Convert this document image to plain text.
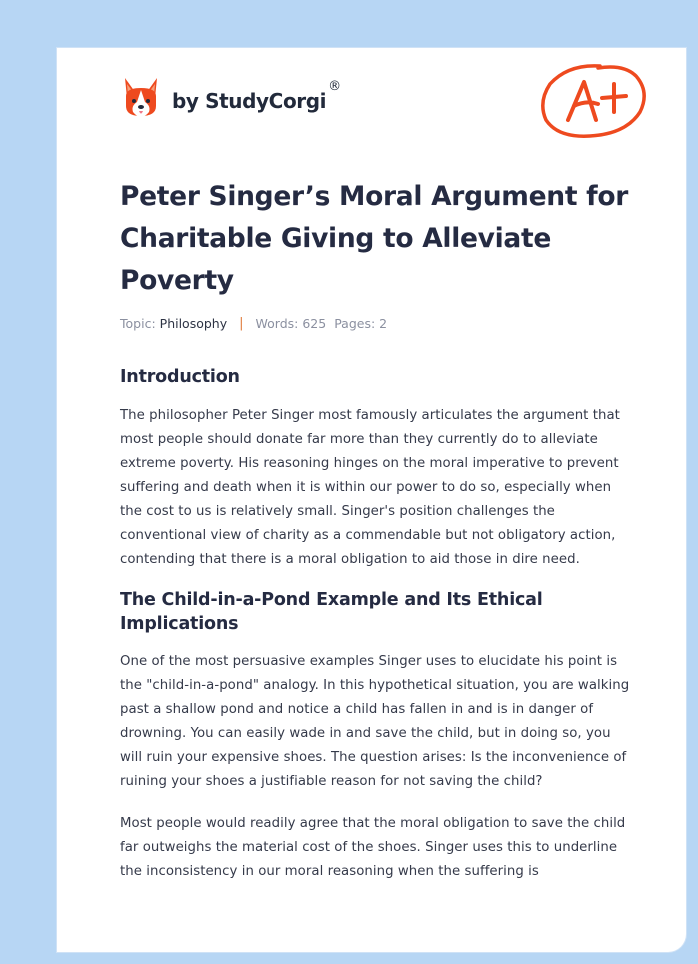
by StudyCorgi®
Peter Singer’s Moral Argument for Charitable Giving to Alleviate Poverty
Topic: Philosophy | Words: 625 Pages: 2
Introduction

The philosopher Peter Singer most famously articulates the argument that most people should donate far more than they currently do to alleviate extreme poverty. His reasoning hinges on the moral imperative to prevent suffering and death when it is within our power to do so, especially when the cost to us is relatively small. Singer's position challenges the conventional view of charity as a commendable but not obligatory action, contending that there is a moral obligation to aid those in dire need.

The Child-in-a-Pond Example and Its Ethical Implications

One of the most persuasive examples Singer uses to elucidate his point is the "child-in-a-pond" analogy. In this hypothetical situation, you are walking past a shallow pond and notice a child has fallen in and is in danger of drowning. You can easily wade in and save the child, but in doing so, you will ruin your expensive shoes. The question arises: Is the inconvenience of ruining your shoes a justifiable reason for not saving the child?

Most people would readily agree that the moral obligation to save the child far outweighs the material cost of the shoes. Singer uses this to underline the inconsistency in our moral reasoning when the suffering is
